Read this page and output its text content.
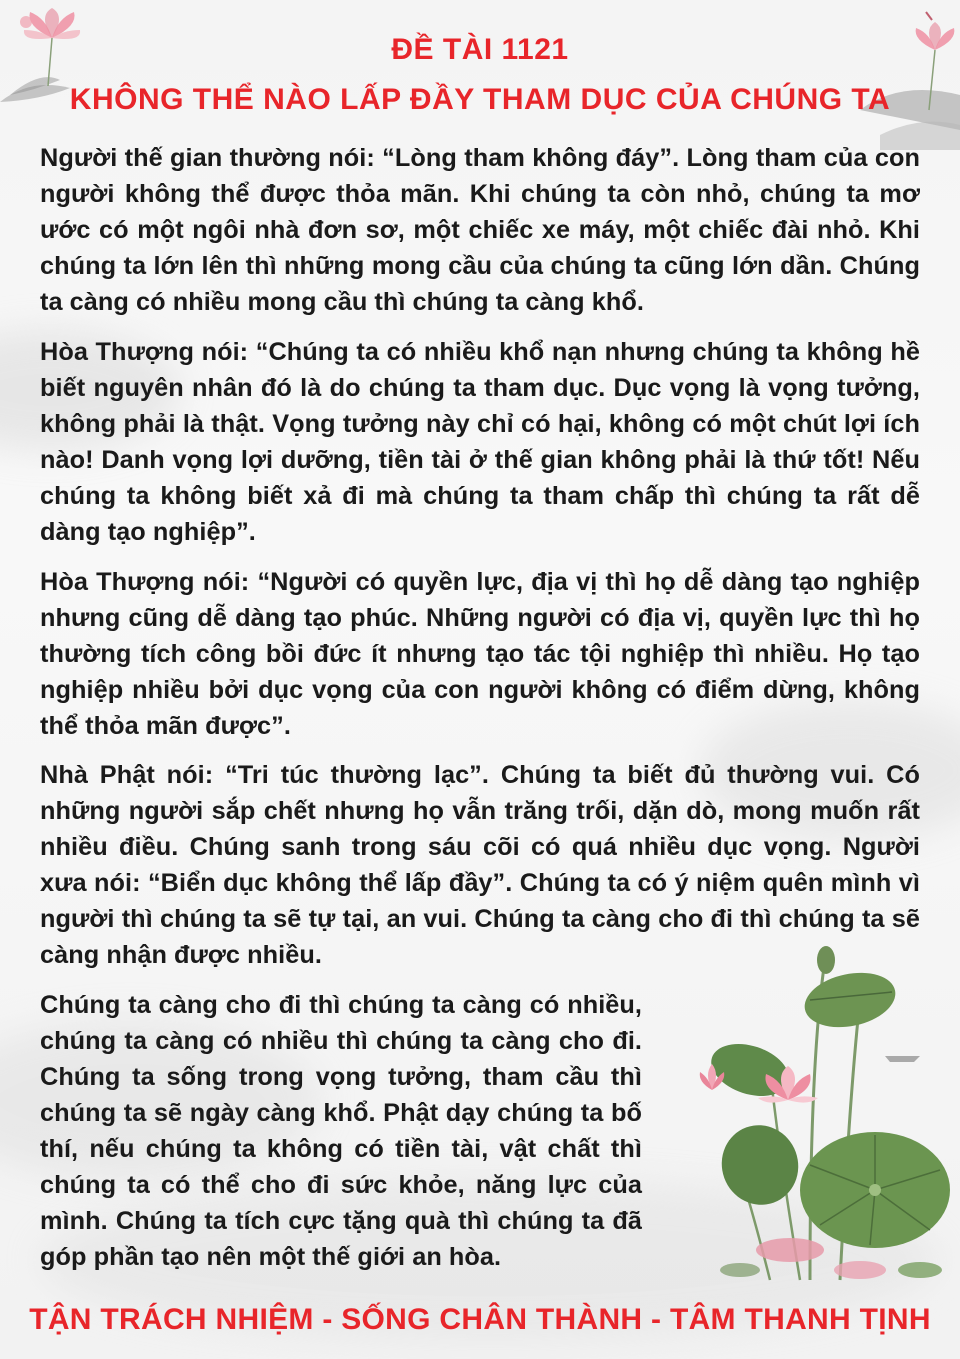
ĐỀ TÀI 1121
KHÔNG THỂ NÀO LẤP ĐẦY THAM DỤC CỦA CHÚNG TA
Người thế gian thường nói: “Lòng tham không đáy”. Lòng tham của con người không thể được thỏa mãn. Khi chúng ta còn nhỏ, chúng ta mơ ước có một ngôi nhà đơn sơ, một chiếc xe máy, một chiếc đài nhỏ. Khi chúng ta lớn lên thì những mong cầu của chúng ta cũng lớn dần. Chúng ta càng có nhiều mong cầu thì chúng ta càng khổ.
Hòa Thượng nói: “Chúng ta có nhiều khổ nạn nhưng chúng ta không hề biết nguyên nhân đó là do chúng ta tham dục. Dục vọng là vọng tưởng, không phải là thật. Vọng tưởng này chỉ có hại, không có một chút lợi ích nào! Danh vọng lợi dưỡng, tiền tài ở thế gian không phải là thứ tốt! Nếu chúng ta không biết xả đi mà chúng ta tham chấp thì chúng ta rất dễ dàng tạo nghiệp”.
Hòa Thượng nói: “Người có quyền lực, địa vị thì họ dễ dàng tạo nghiệp nhưng cũng dễ dàng tạo phúc. Những người có địa vị, quyền lực thì họ thường tích công bồi đức ít nhưng tạo tác tội nghiệp thì nhiều. Họ tạo nghiệp nhiều bởi dục vọng của con người không có điểm dừng, không thể thỏa mãn được”.
Nhà Phật nói: “Tri túc thường lạc”. Chúng ta biết đủ thường vui. Có những người sắp chết nhưng họ vẫn trăng trối, dặn dò, mong muốn rất nhiều điều. Chúng sanh trong sáu cõi có quá nhiều dục vọng. Người xưa nói: “Biển dục không thể lấp đầy”. Chúng ta có ý niệm quên mình vì người thì chúng ta sẽ tự tại, an vui. Chúng ta càng cho đi thì chúng ta sẽ càng nhận được nhiều.
Chúng ta càng cho đi thì chúng ta càng có nhiều, chúng ta càng có nhiều thì chúng ta càng cho đi. Chúng ta sống trong vọng tưởng, tham cầu thì chúng ta sẽ ngày càng khổ. Phật dạy chúng ta bố thí, nếu chúng ta không có tiền tài, vật chất thì chúng ta có thể cho đi sức khỏe, năng lực của mình. Chúng ta tích cực tặng quà thì chúng ta đã góp phần tạo nên một thế giới an hòa.
TẬN TRÁCH NHIỆM - SỐNG CHÂN THÀNH - TÂM THANH TỊNH
